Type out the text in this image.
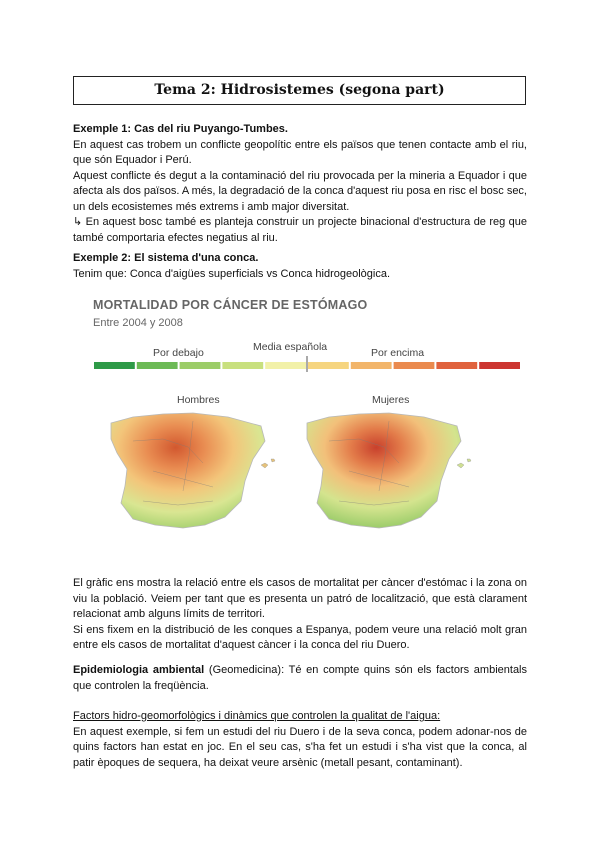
Tema 2: Hidrosistemes (segona part)

Exemple 1: Cas del riu Puyango-Tumbes.

En aquest cas trobem un conflicte geopolític entre els països que tenen contacte amb el riu, que són Equador i Perú.

Aquest conflicte és degut a la contaminació del riu provocada per la mineria a Equador i que afecta als dos països. A més, la degradació de la conca d'aquest riu posa en risc el bosc sec, un dels ecosistemes més extrems i amb major diversitat.

↳ En aquest bosc també es planteja construir un projecte binacional d'estructura de reg que també comportaria efectes negatius al riu.

Exemple 2: El sistema d'una conca.

Tenim que: Conca d'aigües superficials vs Conca hidrogeològica.

MORTALIDAD POR CÁNCER DE ESTÓMAGO
Entre 2004 y 2008
Por debajo	Media española	Por encima
Hombres	Mujeres

El gràfic ens mostra la relació entre els casos de mortalitat per càncer d'estómac i la zona on viu la població. Veiem per tant que es presenta un patró de localització, que està clarament relacionat amb alguns límits de territori.

Si ens fixem en la distribució de les conques a Espanya, podem veure una relació molt gran entre els casos de mortalitat d'aquest càncer i la conca del riu Duero.

Epidemiologia ambiental (Geomedicina): Té en compte quins són els factors ambientals que controlen la freqüència.

Factors hidro-geomorfològics i dinàmics que controlen la qualitat de l'aigua:

En aquest exemple, si fem un estudi del riu Duero i de la seva conca, podem adonar-nos de quins factors han estat en joc. En el seu cas, s'ha fet un estudi i s'ha vist que la conca, al patir èpoques de sequera, ha deixat veure arsènic (metall pesant, contaminant).
